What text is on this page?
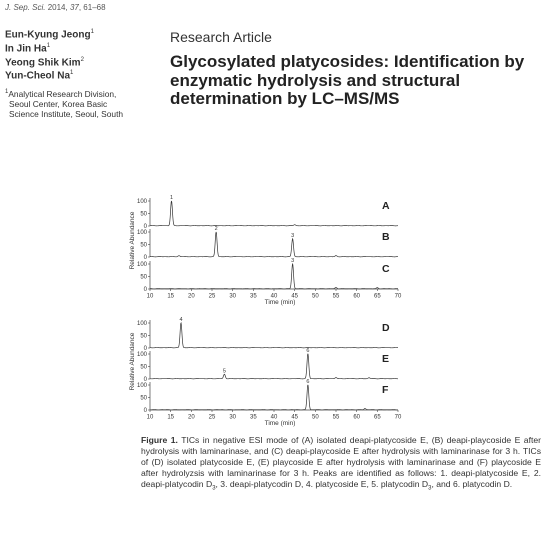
J. Sep. Sci. 2014, 37, 61–68
Eun-Kyung Jeong$^1$
In Jin Ha$^1$
Yeong Shik Kim$^2$
Yun-Cheol Na$^1$
$^1$Analytical Research Division,
Seoul Center, Korea Basic
Science Institute, Seoul, South
Research Article
Glycosylated platycosides: Identification by
enzymatic hydrolysis and structural
determination by LC–MS/MS
100
50
0
1
A
100
50
0
2
3	B
100
50
0
3
C
100
50
0
4
D
100
50
0
5
6
E
100
50
0
6
F
10 15 20 25 30 35 40 45 50 55 60 65 70
Time (min)
Relative Abundance
10 15 20 25 30 35 40 45 50 55 60 65 70
Time (min)
Relative Abundance
Figure 1. TICs in negative ESI mode of (A) isolated deapi-platycoside E, (B) deapi-playcoside E after hydrolysis with laminarinase, and (C) deapi-playcoside E after hydrolysis with laminarinase for 3 h. TICs of (D) isolated platycoside E, (E) playcoside E after hydrolysis with laminarinase and (F) playcoside E after hydrolyzsis with laminarinase for 3 h. Peaks are identified as follows: 1. deapi-platycoside E, 2. deapi-platycodin $D_3$, 3. deapi-platycodin D, 4. platycoside E, 5. platycodin $D_3$, and 6. platycodin D.
